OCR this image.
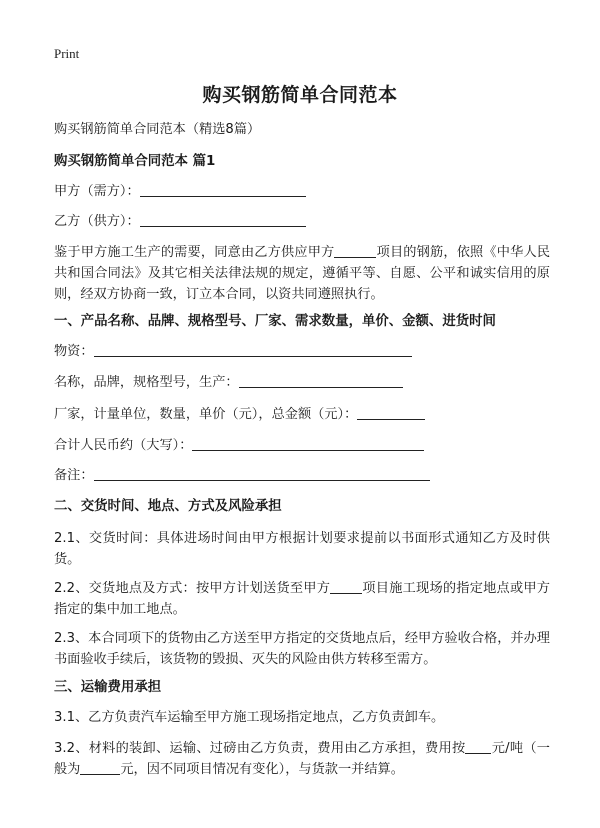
Print
购买钢筋简单合同范本
购买钢筋简单合同范本（精选8篇）
购买钢筋简单合同范本 篇1
甲方（需方）：
乙方（供方）：
鉴于甲方施工生产的需要，同意由乙方供应甲方	项目的钢筋，依照《中华人民共和国合同法》及其它相关法律法规的规定，遵循平等、自愿、公平和诚实信用的原则，经双方协商一致，订立本合同，以资共同遵照执行。
一、产品名称、品牌、规格型号、厂家、需求数量，单价、金额、进货时间
物资：
名称，品牌，规格型号，生产：
厂家，计量单位，数量，单价（元），总金额（元）：
合计人民币约（大写）：
备注：
二、交货时间、地点、方式及风险承担
2.1、交货时间：具体进场时间由甲方根据计划要求提前以书面形式通知乙方及时供货。
2.2、交货地点及方式：按甲方计划送货至甲方 项目施工现场的指定地点或甲方指定的集中加工地点。
2.3、本合同项下的货物由乙方送至甲方指定的交货地点后，经甲方验收合格，并办理书面验收手续后，该货物的毁损、灭失的风险由供方转移至需方。
三、运输费用承担
3.1、乙方负责汽车运输至甲方施工现场指定地点，乙方负责卸车。
3.2、材料的装卸、运输、过磅由乙方负责，费用由乙方承担，费用按 元/吨（一般为	元，因不同项目情况有变化），与货款一并结算。
